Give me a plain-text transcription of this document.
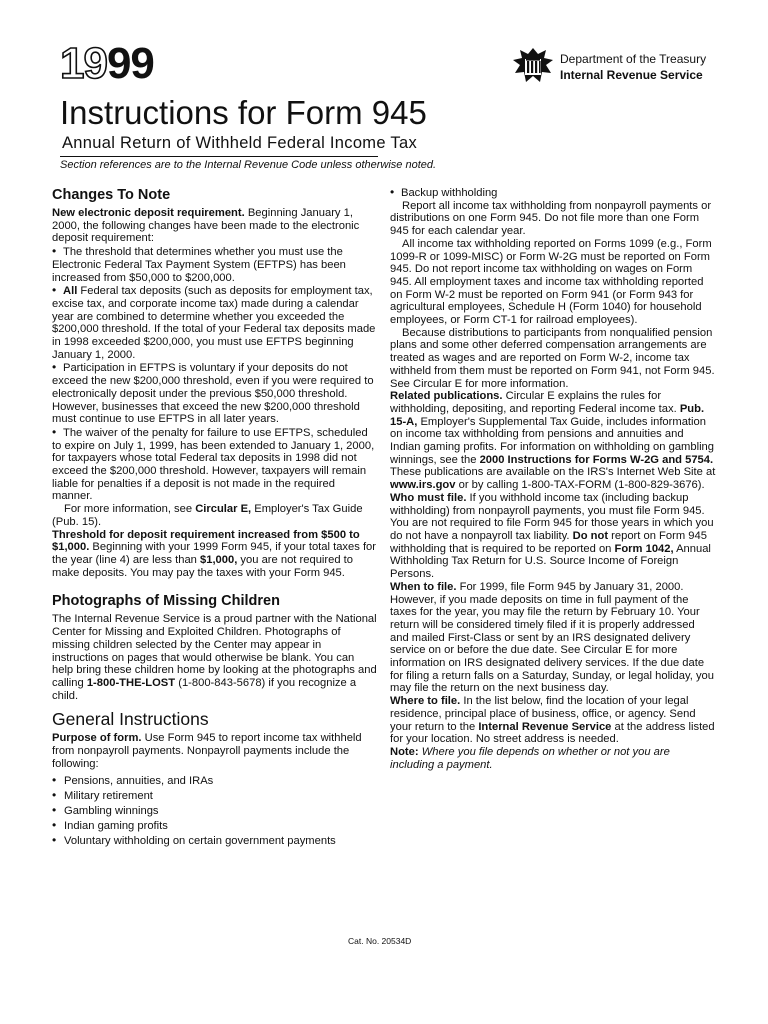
1999	Department of the Treasury
Internal Revenue Service
Instructions for Form 945
Annual Return of Withheld Federal Income Tax
Section references are to the Internal Revenue Code unless otherwise noted.
Changes To Note

New electronic deposit requirement. Beginning January 1, 2000, the following changes have been made to the electronic deposit requirement:

• The threshold that determines whether you must use the Electronic Federal Tax Payment System (EFTPS) has been increased from $50,000 to $200,000.

• All Federal tax deposits (such as deposits for employment tax, excise tax, and corporate income tax) made during a calendar year are combined to determine whether you exceeded the $200,000 threshold. If the total of your Federal tax deposits made in 1998 exceeded $200,000, you must use EFTPS beginning January 1, 2000.

• Participation in EFTPS is voluntary if your deposits do not exceed the new $200,000 threshold, even if you were required to electronically deposit under the previous $50,000 threshold. However, businesses that exceed the new $200,000 threshold must continue to use EFTPS in all later years.

• The waiver of the penalty for failure to use EFTPS, scheduled to expire on July 1, 1999, has been extended to January 1, 2000, for taxpayers whose total Federal tax deposits in 1998 did not exceed the $200,000 threshold. However, taxpayers will remain liable for penalties if a deposit is not made in the required manner.

For more information, see Circular E, Employer's Tax Guide (Pub. 15).

Threshold for deposit requirement increased from $500 to $1,000. Beginning with your 1999 Form 945, if your total taxes for the year (line 4) are less than $1,000, you are not required to make deposits. You may pay the taxes with your Form 945.

Photographs of Missing Children

The Internal Revenue Service is a proud partner with the National Center for Missing and Exploited Children. Photographs of missing children selected by the Center may appear in instructions on pages that would otherwise be blank. You can help bring these children home by looking at the photographs and calling 1-800-THE-LOST (1-800-843-5678) if you recognize a child.

General Instructions

Purpose of form. Use Form 945 to report income tax withheld from nonpayroll payments. Nonpayroll payments include the following:

• Pensions, annuities, and IRAs
• Military retirement
• Gambling winnings
• Indian gaming profits
• Voluntary withholding on certain government payments

• Backup withholding

Report all income tax withholding from nonpayroll payments or distributions on one Form 945. Do not file more than one Form 945 for each calendar year.

All income tax withholding reported on Forms 1099 (e.g., Form 1099-R or 1099-MISC) or Form W-2G must be reported on Form 945. Do not report income tax withholding on wages on Form 945. All employment taxes and income tax withholding reported on Form W-2 must be reported on Form 941 (or Form 943 for agricultural employees, Schedule H (Form 1040) for household employees, or Form CT-1 for railroad employees).

Because distributions to participants from nonqualified pension plans and some other deferred compensation arrangements are treated as wages and are reported on Form W-2, income tax withheld from them must be reported on Form 941, not Form 945. See Circular E for more information.

Related publications. Circular E explains the rules for withholding, depositing, and reporting Federal income tax. Pub. 15-A, Employer's Supplemental Tax Guide, includes information on income tax withholding from pensions and annuities and Indian gaming profits. For information on withholding on gambling winnings, see the 2000 Instructions for Forms W-2G and 5754. These publications are available on the IRS's Internet Web Site at www.irs.gov or by calling 1-800-TAX-FORM (1-800-829-3676).

Who must file. If you withhold income tax (including backup withholding) from nonpayroll payments, you must file Form 945. You are not required to file Form 945 for those years in which you do not have a nonpayroll tax liability. Do not report on Form 945 withholding that is required to be reported on Form 1042, Annual Withholding Tax Return for U.S. Source Income of Foreign Persons.

When to file. For 1999, file Form 945 by January 31, 2000. However, if you made deposits on time in full payment of the taxes for the year, you may file the return by February 10. Your return will be considered timely filed if it is properly addressed and mailed First-Class or sent by an IRS designated delivery service on or before the due date. See Circular E for more information on IRS designated delivery services. If the due date for filing a return falls on a Saturday, Sunday, or legal holiday, you may file the return on the next business day.

Where to file. In the list below, find the location of your legal residence, principal place of business, office, or agency. Send your return to the Internal Revenue Service at the address listed for your location. No street address is needed.

Note: Where you file depends on whether or not you are including a payment.

Cat. No. 20534D
